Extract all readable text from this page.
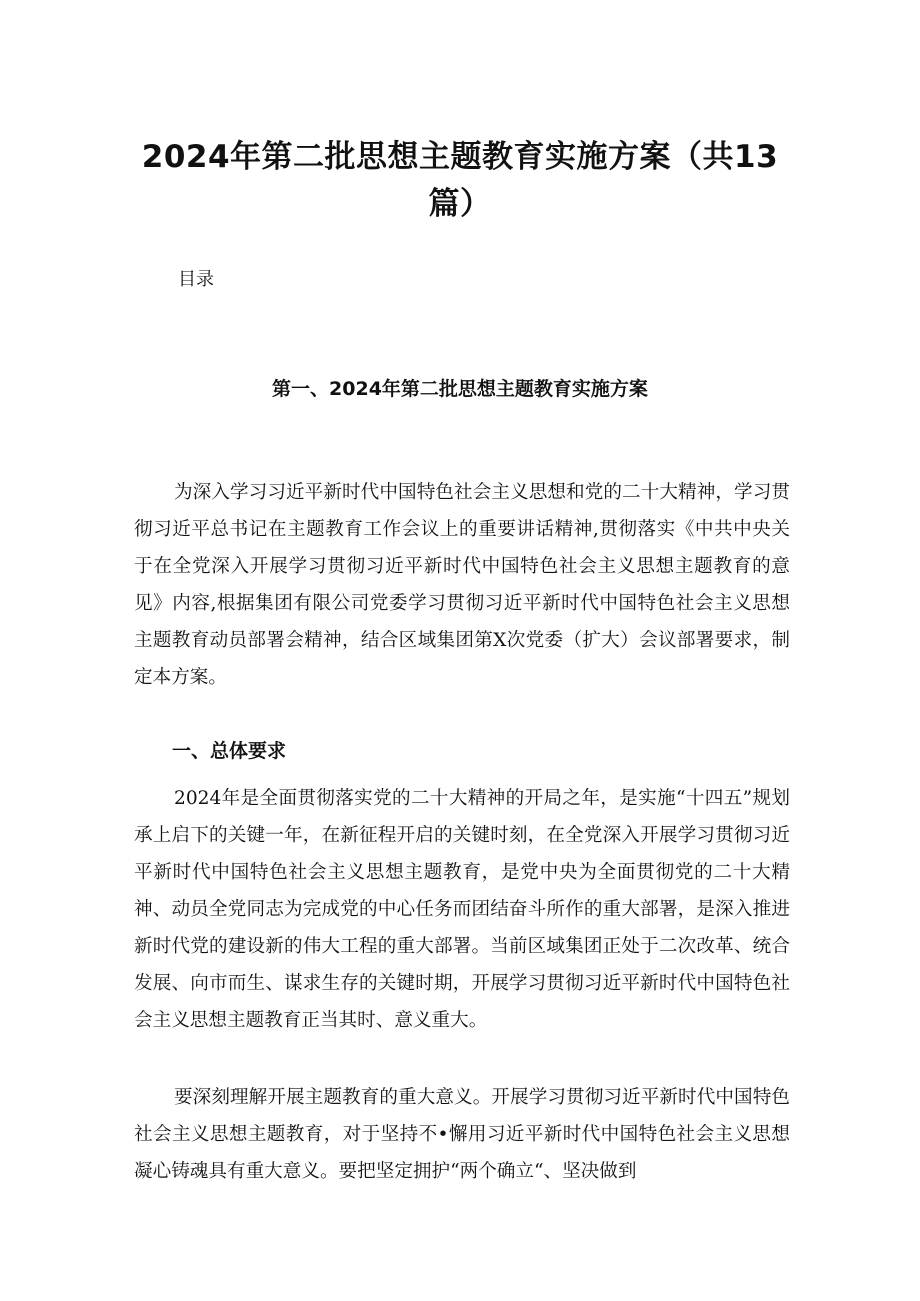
2024年第二批思想主题教育实施方案（共13篇）

目录

第一、2024年第二批思想主题教育实施方案

为深入学习习近平新时代中国特色社会主义思想和党的二十大精神，学习贯彻习近平总书记在主题教育工作会议上的重要讲话精神,贯彻落实《中共中央关于在全党深入开展学习贯彻习近平新时代中国特色社会主义思想主题教育的意见》内容,根据集团有限公司党委学习贯彻习近平新时代中国特色社会主义思想主题教育动员部署会精神，结合区域集团第X次党委（扩大）会议部署要求，制定本方案。

一、总体要求

2024年是全面贯彻落实党的二十大精神的开局之年，是实施“十四五”规划承上启下的关键一年，在新征程开启的关键时刻，在全党深入开展学习贯彻习近平新时代中国特色社会主义思想主题教育，是党中央为全面贯彻党的二十大精神、动员全党同志为完成党的中心任务而团结奋斗所作的重大部署，是深入推进新时代党的建设新的伟大工程的重大部署。当前区域集团正处于二次改革、统合发展、向市而生、谋求生存的关键时期，开展学习贯彻习近平新时代中国特色社会主义思想主题教育正当其时、意义重大。

要深刻理解开展主题教育的重大意义。开展学习贯彻习近平新时代中国特色社会主义思想主题教育，对于坚持不•懈用习近平新时代中国特色社会主义思想凝心铸魂具有重大意义。要把坚定拥护“两个确立“、坚决做到
